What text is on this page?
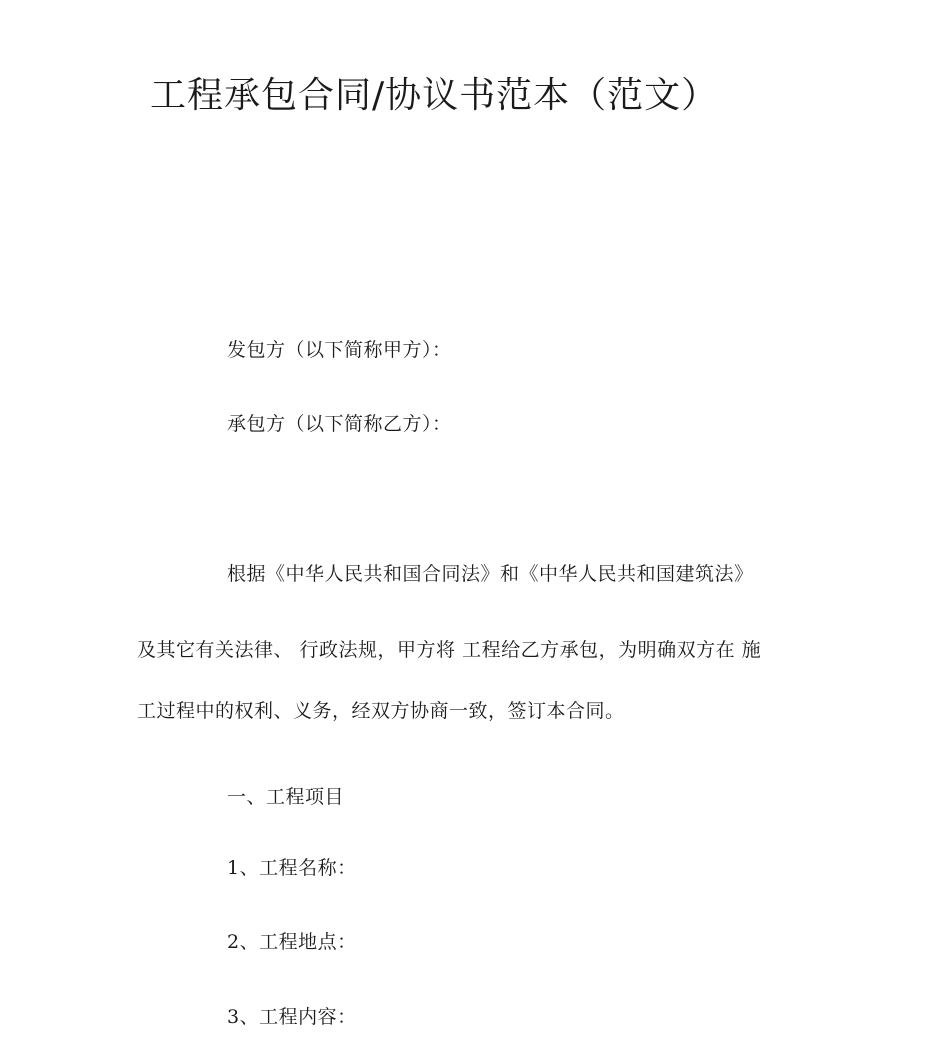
工程承包合同/协议书范本（范文）
发包方（以下简称甲方）：
承包方（以下简称乙方）：
根据《中华人民共和国合同法》和《中华人民共和国建筑法》
及其它有关法律、 行政法规，甲方将 工程给乙方承包，为明确双方在 施
工过程中的权利、义务，经双方协商一致，签订本合同。
一、工程项目
1、工程名称：
2、工程地点：
3、工程内容：
